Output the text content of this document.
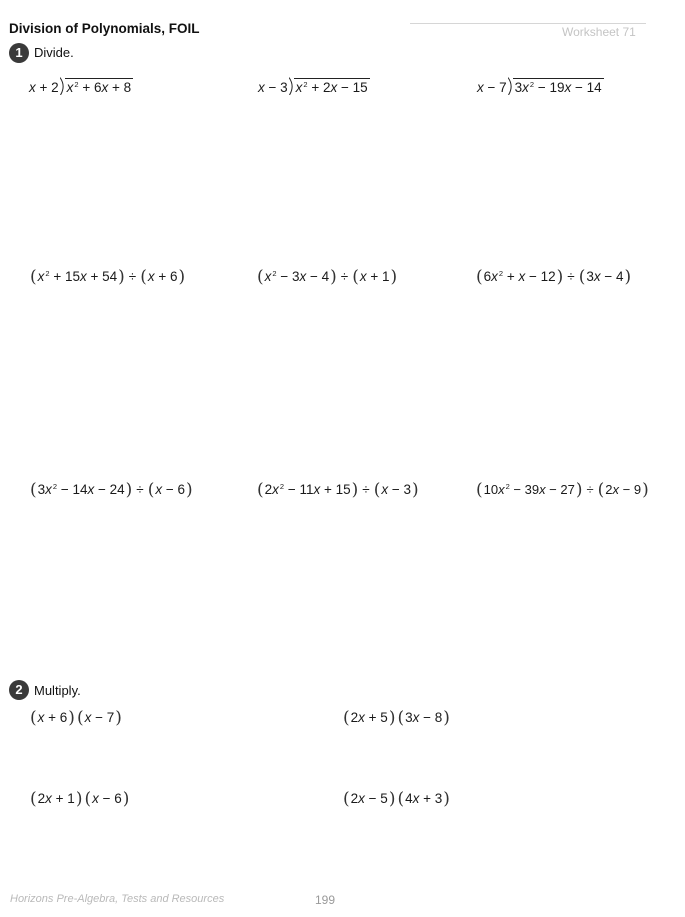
Division of Polynomials, FOIL	Worksheet 71
1 Divide.
x + 2 $x^2 + 6x + 8$	x − 3 $x^2 + 2x - 15$	x − 7 $3x^2 - 19x - 14$
$(x^2 + 15x + 54) \div (x + 6)$	$(x^2 - 3x - 4) \div (x + 1)$	$(6x^2 + x - 12) \div (3x - 4)$
$(3x^2 - 14x - 24) \div (x - 6)$	$(2x^2 - 11x + 15) \div (x - 3)$	$(10x^2 - 39x - 27) \div (2x - 9)$
2 Multiply.
(x + 6) (x − 7)	(2x + 5) (3x − 8)
(2x + 1) (x − 6)	(2x − 5) (4x + 3)
Horizons Pre-Algebra, Tests and Resources	199
